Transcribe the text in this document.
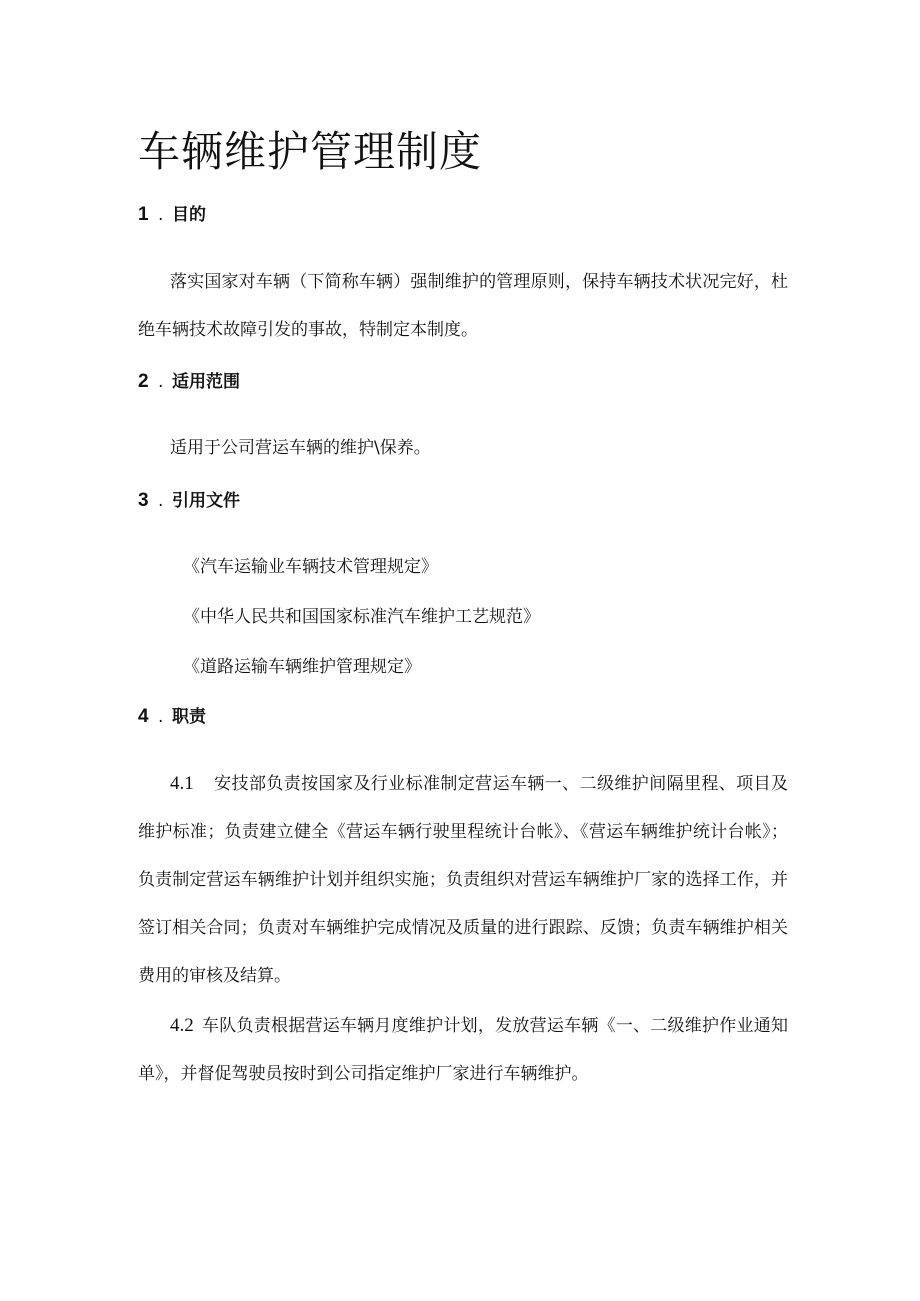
车辆维护管理制度
1 . 目的

落实国家对车辆（下简称车辆）强制维护的管理原则，保持车辆技术状况完好，杜绝车辆技术故障引发的事故，特制定本制度。

2 . 适用范围

适用于公司营运车辆的维护\保养。

3 . 引用文件
《汽车运输业车辆技术管理规定》
《中华人民共和国国家标准汽车维护工艺规范》
《道路运输车辆维护管理规定》
4 . 职责

4.1 安技部负责按国家及行业标准制定营运车辆一、二级维护间隔里程、项目及维护标准；负责建立健全《营运车辆行驶里程统计台帐》、《营运车辆维护统计台帐》；负责制定营运车辆维护计划并组织实施；负责组织对营运车辆维护厂家的选择工作，并签订相关合同；负责对车辆维护完成情况及质量的进行跟踪、反馈；负责车辆维护相关费用的审核及结算。

4.2 车队负责根据营运车辆月度维护计划，发放营运车辆《一、二级维护作业通知单》，并督促驾驶员按时到公司指定维护厂家进行车辆维护。
